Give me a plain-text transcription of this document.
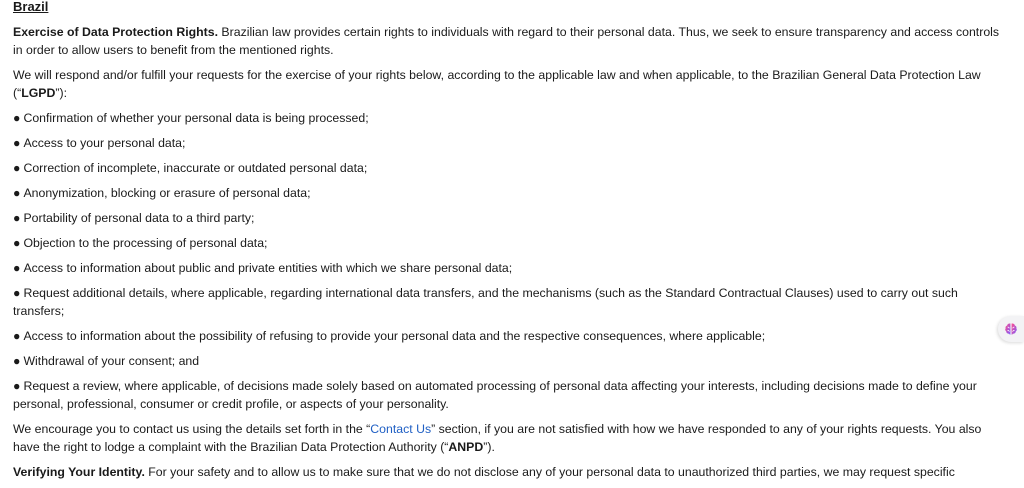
Brazil

Exercise of Data Protection Rights. Brazilian law provides certain rights to individuals with regard to their personal data. Thus, we seek to ensure transparency and access controls in order to allow users to benefit from the mentioned rights.

We will respond and/or fulfill your requests for the exercise of your rights below, according to the applicable law and when applicable, to the Brazilian General Data Protection Law (“LGPD”):

● Confirmation of whether your personal data is being processed;
● Access to your personal data;
● Correction of incomplete, inaccurate or outdated personal data;
● Anonymization, blocking or erasure of personal data;
● Portability of personal data to a third party;
● Objection to the processing of personal data;
● Access to information about public and private entities with which we share personal data;
● Request additional details, where applicable, regarding international data transfers, and the mechanisms (such as the Standard Contractual Clauses) used to carry out such transfers;
● Access to information about the possibility of refusing to provide your personal data and the respective consequences, where applicable;
● Withdrawal of your consent; and
● Request a review, where applicable, of decisions made solely based on automated processing of personal data affecting your interests, including decisions made to define your personal, professional, consumer or credit profile, or aspects of your personality.

We encourage you to contact us using the details set forth in the “Contact Us” section, if you are not satisfied with how we have responded to any of your rights requests. You also have the right to lodge a complaint with the Brazilian Data Protection Authority (“ANPD”).

Verifying Your Identity. For your safety and to allow us to make sure that we do not disclose any of your personal data to unauthorized third parties, we may request specific
